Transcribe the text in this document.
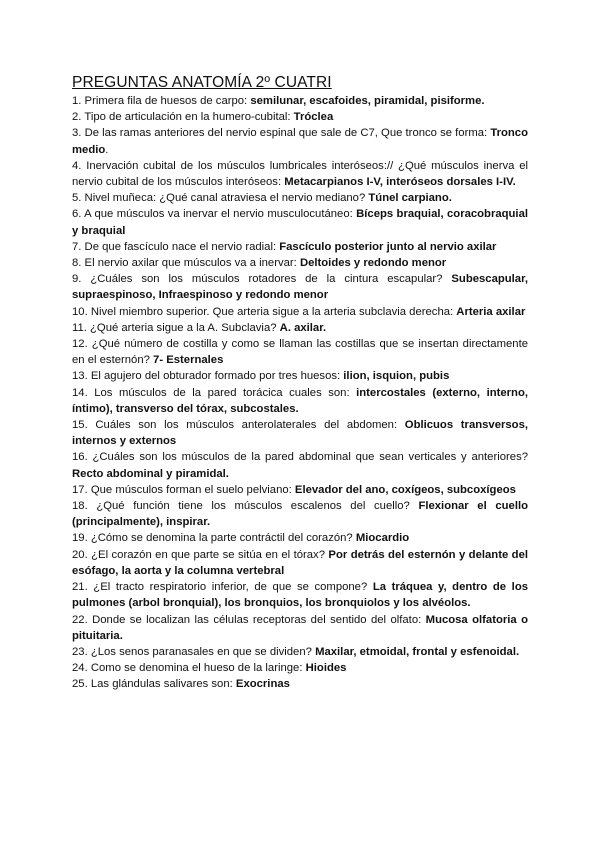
PREGUNTAS ANATOMÍA 2º CUATRI

1. Primera fila de huesos de carpo: semilunar, escafoides, piramidal, pisiforme.

2. Tipo de articulación en la humero-cubital: Tróclea

3. De las ramas anteriores del nervio espinal que sale de C7, Que tronco se forma: Tronco medio.

4. Inervación cubital de los músculos lumbricales interóseos:// ¿Qué músculos inerva el nervio cubital de los músculos interóseos: Metacarpianos I-V, interóseos dorsales I-IV.

5. Nivel muñeca: ¿Qué canal atraviesa el nervio mediano? Túnel carpiano.

6. A que músculos va inervar el nervio musculocutáneo: Bíceps braquial, coracobraquial y braquial

7. De que fascículo nace el nervio radial: Fascículo posterior junto al nervio axilar

8. El nervio axilar que músculos va a inervar: Deltoides y redondo menor

9. ¿Cuáles son los músculos rotadores de la cintura escapular? Subescapular, supraespinoso, Infraespinoso y redondo menor

10. Nivel miembro superior. Que arteria sigue a la arteria subclavia derecha: Arteria axilar

11. ¿Qué arteria sigue a la A. Subclavia? A. axilar.

12. ¿Qué número de costilla y como se llaman las costillas que se insertan directamente en el esternón? 7- Esternales

13. El agujero del obturador formado por tres huesos: ilion, isquion, pubis

14. Los músculos de la pared torácica cuales son: intercostales (externo, interno, íntimo), transverso del tórax, subcostales.

15. Cuáles son los músculos anterolaterales del abdomen: Oblicuos transversos, internos y externos

16. ¿Cuáles son los músculos de la pared abdominal que sean verticales y anteriores? Recto abdominal y piramidal.

17. Que músculos forman el suelo pelviano: Elevador del ano, coxígeos, subcoxígeos

18. ¿Qué función tiene los músculos escalenos del cuello? Flexionar el cuello (principalmente), inspirar.

19. ¿Cómo se denomina la parte contráctil del corazón? Miocardio

20. ¿El corazón en que parte se sitúa en el tórax? Por detrás del esternón y delante del esófago, la aorta y la columna vertebral

21. ¿El tracto respiratorio inferior, de que se compone? La tráquea y, dentro de los pulmones (arbol bronquial), los bronquios, los bronquiolos y los alvéolos.

22. Donde se localizan las células receptoras del sentido del olfato: Mucosa olfatoria o pituitaria.

23. ¿Los senos paranasales en que se dividen? Maxilar, etmoidal, frontal y esfenoidal.

24. Como se denomina el hueso de la laringe: Hioides

25. Las glándulas salivares son: Exocrinas
